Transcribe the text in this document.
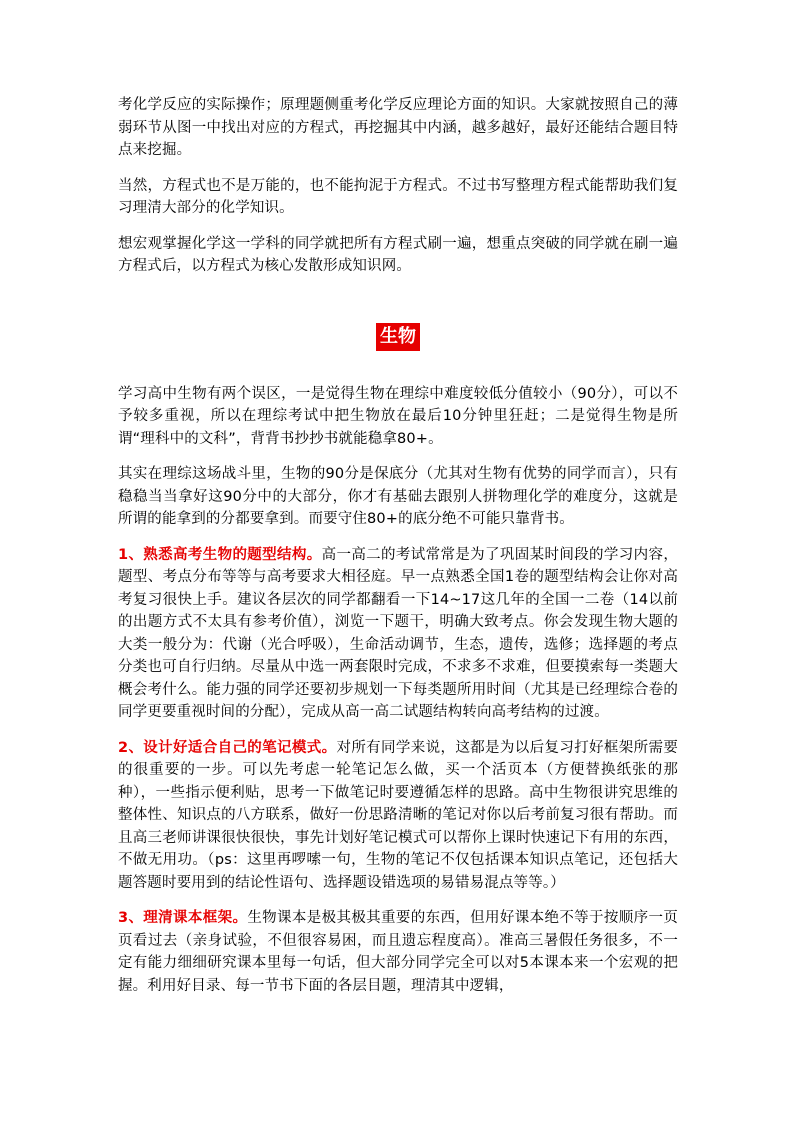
考化学反应的实际操作；原理题侧重考化学反应理论方面的知识。大家就按照自己的薄弱环节从图一中找出对应的方程式，再挖掘其中内涵，越多越好，最好还能结合题目特点来挖掘。

当然，方程式也不是万能的，也不能拘泥于方程式。不过书写整理方程式能帮助我们复习理清大部分的化学知识。

想宏观掌握化学这一学科的同学就把所有方程式刷一遍，想重点突破的同学就在刷一遍方程式后，以方程式为核心发散形成知识网。

生物

学习高中生物有两个误区，一是觉得生物在理综中难度较低分值较小（90分），可以不予较多重视，所以在理综考试中把生物放在最后10分钟里狂赶；二是觉得生物是所谓“理科中的文科”，背背书抄抄书就能稳拿80+。

其实在理综这场战斗里，生物的90分是保底分（尤其对生物有优势的同学而言），只有稳稳当当拿好这90分中的大部分，你才有基础去跟别人拼物理化学的难度分，这就是所谓的能拿到的分都要拿到。而要守住80+的底分绝不可能只靠背书。

1、熟悉高考生物的题型结构。高一高二的考试常常是为了巩固某时间段的学习内容，题型、考点分布等等与高考要求大相径庭。早一点熟悉全国1卷的题型结构会让你对高考复习很快上手。建议各层次的同学都翻看一下14~17这几年的全国一二卷（14以前的出题方式不太具有参考价值），浏览一下题干，明确大致考点。你会发现生物大题的大类一般分为：代谢（光合呼吸），生命活动调节，生态，遗传，选修；选择题的考点分类也可自行归纳。尽量从中选一两套限时完成，不求多不求难，但要摸索每一类题大概会考什么。能力强的同学还要初步规划一下每类题所用时间（尤其是已经理综合卷的同学更要重视时间的分配），完成从高一高二试题结构转向高考结构的过渡。

2、设计好适合自己的笔记模式。对所有同学来说，这都是为以后复习打好框架所需要的很重要的一步。可以先考虑一轮笔记怎么做，买一个活页本（方便替换纸张的那种），一些指示便利贴，思考一下做笔记时要遵循怎样的思路。高中生物很讲究思维的整体性、知识点的八方联系，做好一份思路清晰的笔记对你以后考前复习很有帮助。而且高三老师讲课很快很快，事先计划好笔记模式可以帮你上课时快速记下有用的东西，不做无用功。（ps：这里再啰嗦一句，生物的笔记不仅包括课本知识点笔记，还包括大题答题时要用到的结论性语句、选择题设错选项的易错易混点等等。）

3、理清课本框架。生物课本是极其极其重要的东西，但用好课本绝不等于按顺序一页页看过去（亲身试验，不但很容易困，而且遗忘程度高）。准高三暑假任务很多，不一定有能力细细研究课本里每一句话，但大部分同学完全可以对5本课本来一个宏观的把握。利用好目录、每一节书下面的各层目题，理清其中逻辑，
